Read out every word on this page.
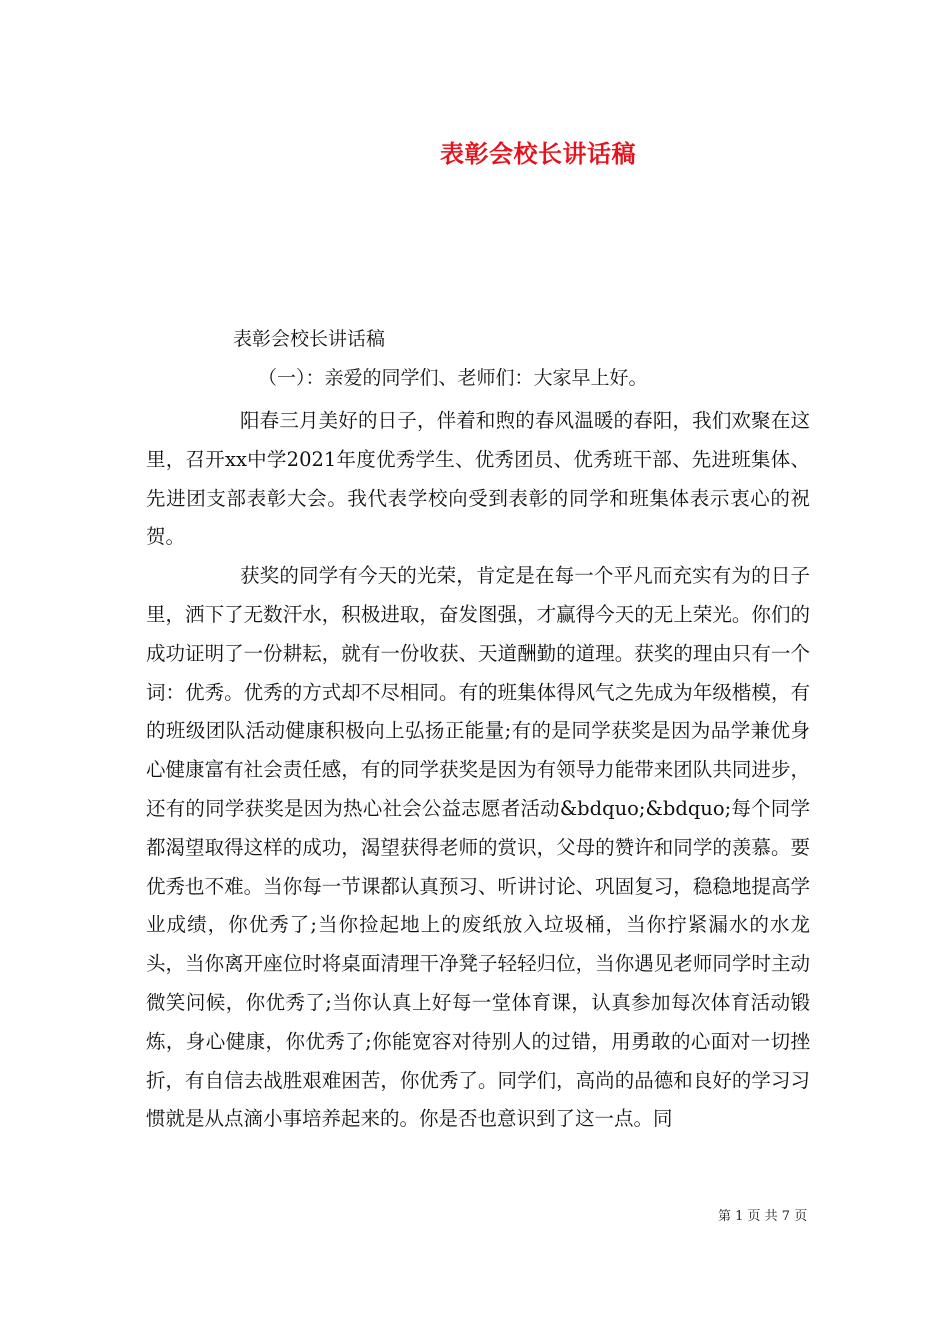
表彰会校长讲话稿
表彰会校长讲话稿
（一）：亲爱的同学们、老师们：大家早上好。

阳春三月美好的日子，伴着和煦的春风温暖的春阳，我们欢聚在这里，召开xx中学2021年度优秀学生、优秀团员、优秀班干部、先进班集体、先进团支部表彰大会。我代表学校向受到表彰的同学和班集体表示衷心的祝贺。

获奖的同学有今天的光荣，肯定是在每一个平凡而充实有为的日子里，洒下了无数汗水，积极进取，奋发图强，才赢得今天的无上荣光。你们的成功证明了一份耕耘，就有一份收获、天道酬勤的道理。获奖的理由只有一个词：优秀。优秀的方式却不尽相同。有的班集体得风气之先成为年级楷模，有的班级团队活动健康积极向上弘扬正能量;有的是同学获奖是因为品学兼优身心健康富有社会责任感，有的同学获奖是因为有领导力能带来团队共同进步，还有的同学获奖是因为热心社会公益志愿者活动&bdquo;&bdquo;每个同学都渴望取得这样的成功，渴望获得老师的赏识，父母的赞许和同学的羡慕。要优秀也不难。当你每一节课都认真预习、听讲讨论、巩固复习，稳稳地提高学业成绩，你优秀了;当你捡起地上的废纸放入垃圾桶，当你拧紧漏水的水龙头，当你离开座位时将桌面清理干净凳子轻轻归位，当你遇见老师同学时主动微笑问候，你优秀了;当你认真上好每一堂体育课，认真参加每次体育活动锻炼，身心健康，你优秀了;你能宽容对待别人的过错，用勇敢的心面对一切挫折，有自信去战胜艰难困苦，你优秀了。同学们，高尚的品德和良好的学习习惯就是从点滴小事培养起来的。你是否也意识到了这一点。同

第 1 页 共 7 页
